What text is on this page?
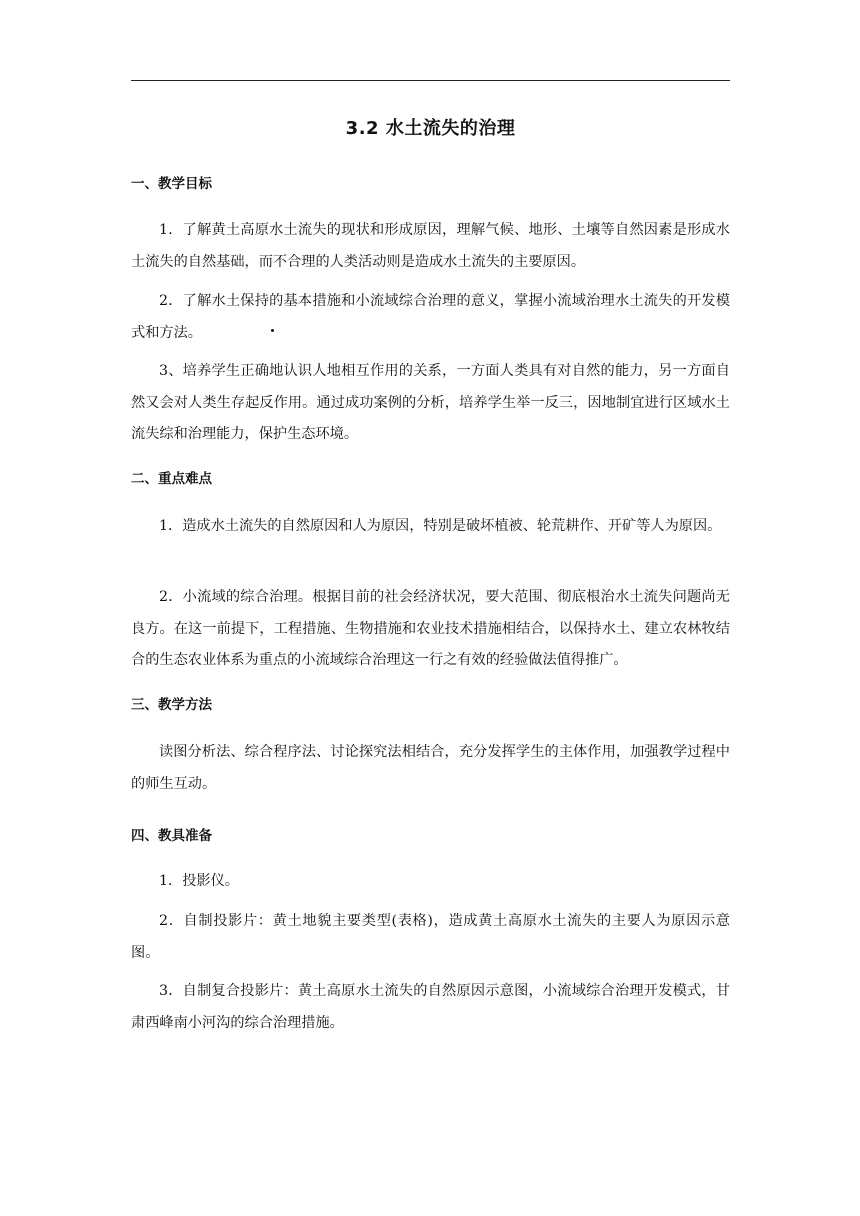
3.2 水土流失的治理
一、教学目标

1．了解黄土高原水土流失的现状和形成原因，理解气候、地形、土壤等自然因素是形成水土流失的自然基础，而不合理的人类活动则是造成水土流失的主要原因。

2．了解水土保持的基本措施和小流域综合治理的意义，掌握小流域治理水土流失的开发模式和方法。

3、培养学生正确地认识人地相互作用的关系，一方面人类具有对自然的能力，另一方面自然又会对人类生存起反作用。通过成功案例的分析，培养学生举一反三，因地制宜进行区域水土流失综和治理能力，保护生态环境。

二、重点难点

1．造成水土流失的自然原因和人为原因，特别是破坏植被、轮荒耕作、开矿等人为原因。

2．小流域的综合治理。根据目前的社会经济状况，要大范围、彻底根治水土流失问题尚无良方。在这一前提下，工程措施、生物措施和农业技术措施相结合，以保持水土、建立农林牧结合的生态农业体系为重点的小流域综合治理这一行之有效的经验做法值得推广。

三、教学方法

读图分析法、综合程序法、讨论探究法相结合，充分发挥学生的主体作用，加强教学过程中的师生互动。

四、教具准备

1．投影仪。

2．自制投影片：黄土地貌主要类型(表格)，造成黄土高原水土流失的主要人为原因示意图。

3．自制复合投影片：黄土高原水土流失的自然原因示意图，小流域综合治理开发模式，甘肃西峰南小河沟的综合治理措施。
